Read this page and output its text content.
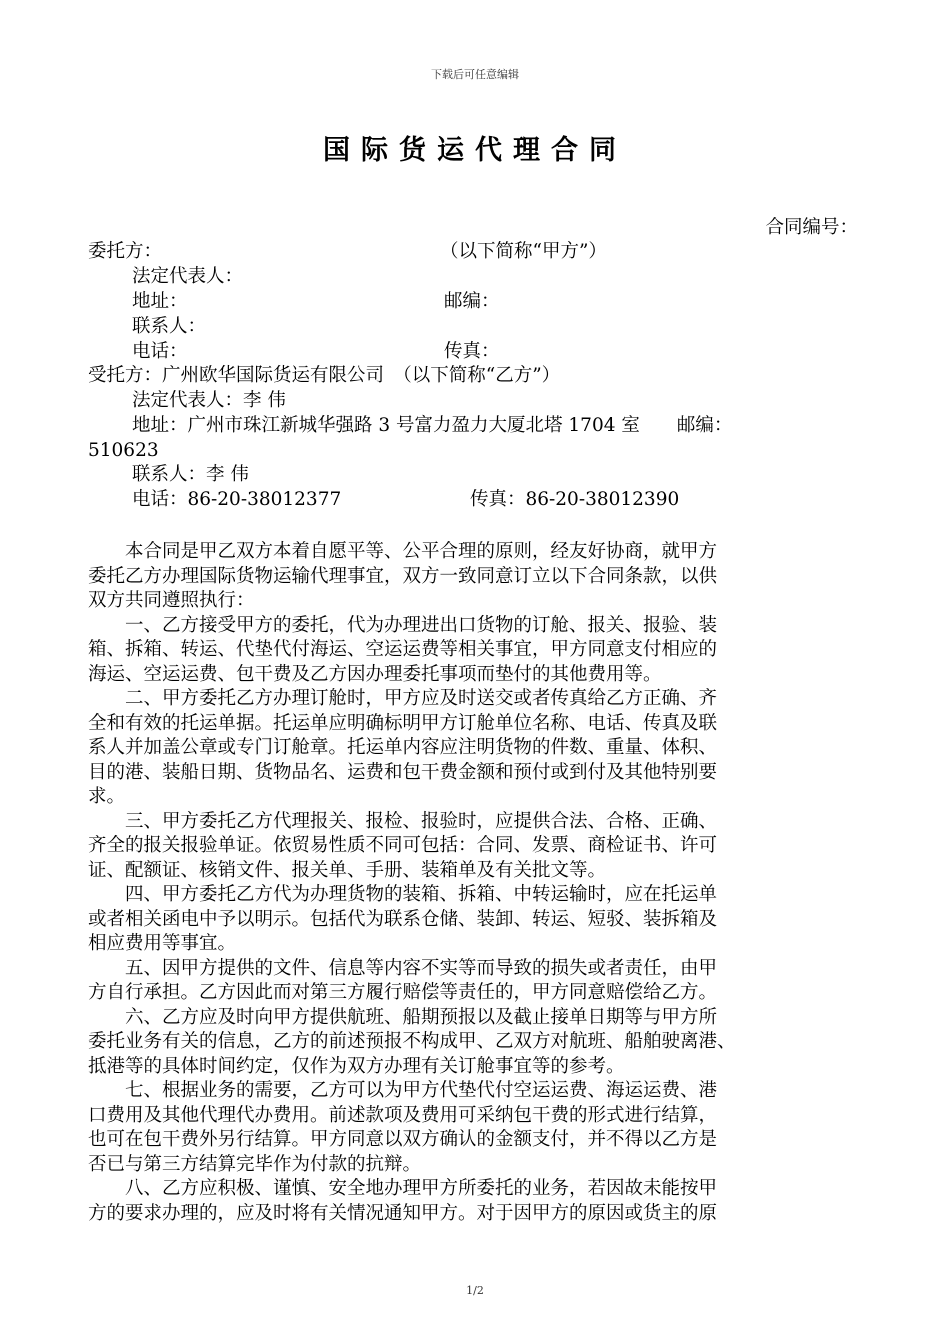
下载后可任意编辑
国际货运代理合同
合同编号：
委托方：	（以下简称“甲方”）
法定代表人：
地址：	邮编：
联系人：
电话：	传真：
受托方：广州欧华国际货运有限公司　（以下简称“乙方”）
法定代表人：李 伟
地址：广州市珠江新城华强路 3 号富力盈力大厦北塔 1704 室　　邮编：
510623
联系人：李 伟
电话：86-20-38012377	传真：86-20-38012390
　　本合同是甲乙双方本着自愿平等、公平合理的原则，经友好协商，就甲方
委托乙方办理国际货物运输代理事宜，双方一致同意订立以下合同条款，以供
双方共同遵照执行：
　　一、乙方接受甲方的委托，代为办理进出口货物的订舱、报关、报验、装
箱、拆箱、转运、代垫代付海运、空运运费等相关事宜，甲方同意支付相应的
海运、空运运费、包干费及乙方因办理委托事项而垫付的其他费用等。
　　二、甲方委托乙方办理订舱时，甲方应及时送交或者传真给乙方正确、齐
全和有效的托运单据。托运单应明确标明甲方订舱单位名称、电话、传真及联
系人并加盖公章或专门订舱章。托运单内容应注明货物的件数、重量、体积、
目的港、装船日期、货物品名、运费和包干费金额和预付或到付及其他特别要
求。
　　三、甲方委托乙方代理报关、报检、报验时，应提供合法、合格、正确、
齐全的报关报验单证。依贸易性质不同可包括：合同、发票、商检证书、许可
证、配额证、核销文件、报关单、手册、装箱单及有关批文等。
　　四、甲方委托乙方代为办理货物的装箱、拆箱、中转运输时，应在托运单
或者相关函电中予以明示。包括代为联系仓储、装卸、转运、短驳、装拆箱及
相应费用等事宜。
　　五、因甲方提供的文件、信息等内容不实等而导致的损失或者责任，由甲
方自行承担。乙方因此而对第三方履行赔偿等责任的，甲方同意赔偿给乙方。
　　六、乙方应及时向甲方提供航班、船期预报以及截止接单日期等与甲方所
委托业务有关的信息，乙方的前述预报不构成甲、乙双方对航班、船舶驶离港、
抵港等的具体时间约定，仅作为双方办理有关订舱事宜等的参考。
　　七、根据业务的需要，乙方可以为甲方代垫代付空运运费、海运运费、港
口费用及其他代理代办费用。前述款项及费用可采纳包干费的形式进行结算，
也可在包干费外另行结算。甲方同意以双方确认的金额支付，并不得以乙方是
否已与第三方结算完毕作为付款的抗辩。
　　八、乙方应积极、谨慎、安全地办理甲方所委托的业务，若因故未能按甲
方的要求办理的，应及时将有关情况通知甲方。对于因甲方的原因或货主的原
1/2
